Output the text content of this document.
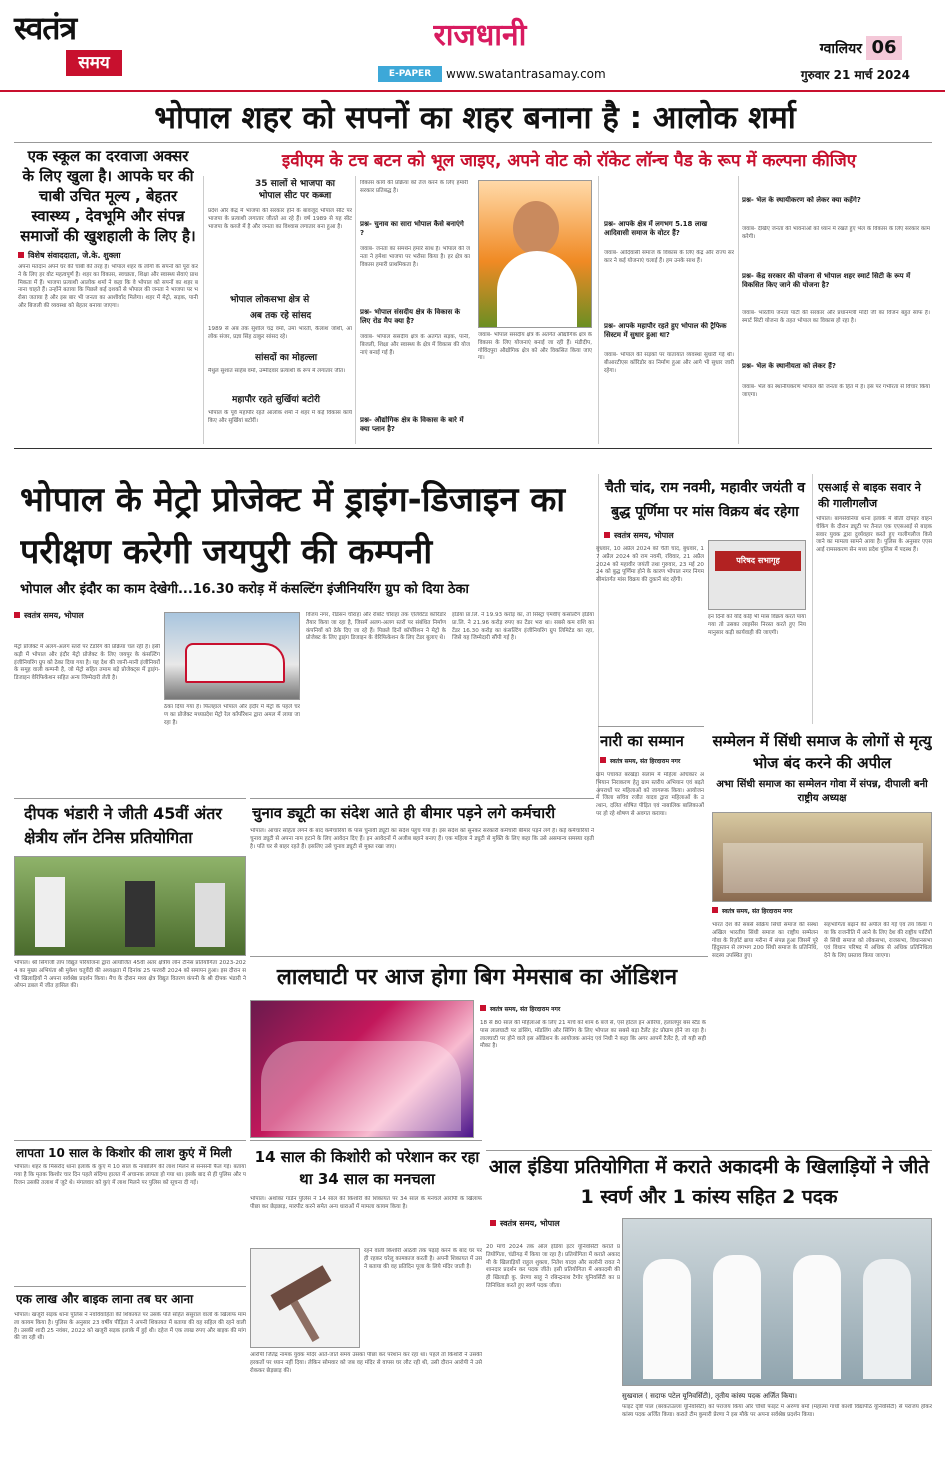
स्वतंत्र
समय
राजधानी
E-PAPER	www.swatantrasamay.com
ग्वालियर 06
गुरुवार 21 मार्च 2024
भोपाल शहर को सपनों का शहर बनाना है : आलोक शर्मा
एक स्कूल का दरवाजा अक्सर के लिए खुला है। आपके घर की चाबी उचित मूल्य , बेहतर स्वास्थ्य , देवभूमि और संपन्न समाजों की खुशहाली के लिए है।
इवीएम के टच बटन को भूल जाइए, अपने वोट को रॉकेट लॉन्च पैड के रूप में कल्पना कीजिए
विशेष संवाददाता, जे.के. शुक्ला
अपना मतदान अपने घर की चाबी की तरह है। भोपाल शहर के लोगों के सपनों को पूरा करने के लिए हर वोट महत्वपूर्ण है। शहर का विकास, स्वच्छता, शिक्षा और स्वास्थ्य सेवाएं प्राथमिकता में हैं। भाजपा प्रत्याशी आलोक शर्मा ने कहा कि वे भोपाल को सपनों का शहर बनाना चाहते हैं। उन्होंने बताया कि पिछले कई दशकों से भोपाल की जनता ने भाजपा पर भरोसा जताया है और इस बार भी जनता का आशीर्वाद मिलेगा। शहर में मेट्रो, सड़क, पानी और बिजली की व्यवस्था को बेहतर बनाया जाएगा।
35 सालों से भाजपा का भोपाल सीट पर कब्जा
प्रदेश और केंद्र में भाजपा की सरकार होने के बावजूद भोपाल सीट पर भाजपा के प्रत्याशी लगातार जीतते आ रहे हैं। वर्ष 1989 से यह सीट भाजपा के कब्जे में है और जनता का विश्वास लगातार बना हुआ है।
भोपाल लोकसभा क्षेत्र से
अब तक रहे सांसद
1989 से अब तक सुशील चंद्र वर्मा, उमा भारती, कैलाश जोशी, आलोक संजर, प्रज्ञा सिंह ठाकुर सांसद रहे।
सांसदों का मोहल्ला
मैथुल सुशांत साहेब वर्मा, उम्मीदवार प्रत्याशी के रूप में लगातार जीत।
महापौर रहते सुर्खियां बटोरी
भोपाल के पूर्व महापौर रहते आलोक शर्मा ने शहर में कई विकास कार्य किए और सुर्खियां बटोरीं।
विकास कार्य की प्रक्रिया को तेज करने के लिए हमारी सरकार प्रतिबद्ध है।
प्रश्न- चुनाव का सारा भोपाल कैसे बनाएंगे ?
जवाब- जनता का समर्थन हमारे साथ है। भोपाल की जनता ने हमेशा भाजपा पर भरोसा किया है। हर क्षेत्र का विकास हमारी प्राथमिकता है।
प्रश्न- भोपाल संसदीय क्षेत्र के विकास के लिए रोड मैप क्या है?
जवाब- भोपाल संसदीय क्षेत्र के अंतर्गत सड़क, पानी, बिजली, शिक्षा और स्वास्थ्य के क्षेत्र में विकास की योजनाएं बनाई गई हैं।
प्रश्न- औद्योगिक क्षेत्र के विकास के बारे में क्या प्लान है?
जवाब- भोपाल संसदीय क्षेत्र के अंतर्गत औद्योगिक क्षेत्र के विकास के लिए योजनाएं बनाई जा रही हैं। मंडीदीप, गोविंदपुरा औद्योगिक क्षेत्र को और विकसित किया जाएगा।
प्रश्न- आपके क्षेत्र में लगभग 5.18 लाख आदिवासी समाज के वोटर हैं?
जवाब- आदिवासी समाज के विकास के लिए केंद्र और राज्य सरकार ने कई योजनाएं चलाई हैं। हम उनके साथ हैं।
प्रश्न- आपके महापौर रहते हुए भोपाल की ट्रैफिक सिस्टम में सुधार हुआ था?
जवाब- भोपाल की सड़कों पर यातायात व्यवस्था सुधारी गई थी। बीआरटीएस कॉरिडोर का निर्माण हुआ और आगे भी सुधार जारी रहेगा।
प्रश्न- भेल के स्थायीकरण को लेकर क्या कहेंगे?
जवाब- देखिए जनता की भावनाओं को ध्यान में रखते हुए भेल के विकास के लिए सरकार काम करेगी।
प्रश्न- केंद्र सरकार की योजना से भोपाल शहर स्मार्ट सिटी के रूप में विकसित किए जाने की योजना है?
जवाब- भारतीय जनता पार्टी की सरकार और प्रधानमंत्री मोदी जी का विजन बहुत साफ है। स्मार्ट सिटी योजना के तहत भोपाल का विकास हो रहा है।
प्रश्न- भेल के स्थानीयता को लेकर हैं?
जवाब- भेल का स्थानीयकरण भोपाल की जनता के हित में है। इस पर गंभीरता से विचार किया जाएगा।
भोपाल के मेट्रो प्रोजेक्ट में ड्राइंग-डिजाइन का परीक्षण करेगी जयपुरी की कम्पनी
भोपाल और इंदौर का काम देखेगी...16.30 करोड़ में कंसल्टिंग इंजीनियरिंग ग्रुप को दिया ठेका
स्वतंत्र समय, भोपाल
मेट्रो प्रोजेक्ट में अलग-अलग स्तरों पर टेंडरिंग की प्रक्रिया चल रही है। इसी कड़ी में भोपाल और इंदौर मेट्रो प्रोजेक्ट के लिए जयपुर के कंसल्टिंग इंजीनियरिंग ग्रुप को ठेका दिया गया है। यह देश की जानी-मानी इंजीनियरों के समूह वाली कम्पनी है, जो मेट्रो सहित तमाम बड़े प्रोजेक्ट्स में ड्राइंग-डिजाइन वेरिफिकेशन सहित अन्य जिम्मेदारी लेती है।
ठेका दिया गया है। फिलहाल भोपाल और इंदौर में मेट्रो के पहले चरण का प्रोजेक्ट मध्यप्रदेश मेट्रो रेल कॉर्पोरेशन द्वारा अमल में लाया जा रहा है।
विजय नगर, रेडिसन चौराहा और रोबोट चौराहा तक एलिवेटेड कॉरिडोर तैयार किया जा रहा है, जिसमें अलग-अलग स्तरों पर संबंधित निर्माण कंपनियों को ठेके दिए जा रहे हैं। पिछले दिनों कॉर्पोरेशन ने मेट्रो के प्रोजेक्ट के लिए ड्राइंग डिजाइन के वेरिफिकेशन के लिए टेंडर बुलाए थे।
इंडिया प्रा.लि. ने 19.93 करोड़ का, तो सिस्ट्रा एमवीए कंसल्टिंग इंडिया प्रा.लि. ने 21.96 करोड़ रुपए का टेंडर भरा था। सबसे कम राशि का टेंडर 16.30 करोड़ का कंसल्टिंग इंजीनियरिंग ग्रुप लिमिटेड का रहा, जिसे यह जिम्मेदारी सौंपी गई है।
चैती चांद, राम नवमी, महावीर जयंती व बुद्ध पूर्णिमा पर मांस विक्रय बंद रहेगा
स्वतंत्र समय, भोपाल
बुधवार, 10 अप्रैल 2024 को चैती चांद, बुधवार, 17 अप्रैल 2024 को राम नवमी, रविवार, 21 अप्रैल 2024 को महावीर जयंती तथा गुरुवार, 23 मई 2024 को बुद्ध पूर्णिमा होने के कारण भोपाल नगर निगम सीमांतर्गत मांस विक्रय की दुकानें बंद रहेंगी।
परिषद सभागृह
इन दिनों को यदि कोई भी मांस विक्रय करते पाया गया तो उसका लाइसेंस निरस्त करते हुए नियमानुसार कड़ी कार्यवाही की जाएगी।
एसआई से बाइक सवार ने की गालीगलौज
भोपाल। बागसेवनिया थाना इलाके में बीती दोपहर वाहन चेकिंग के दौरान ड्यूटी पर तैनात एक एएसआई से बाइक सवार युवक द्वारा दुर्व्यवहार करते हुए गालीगलौज किये जाने का मामला सामने आया है। पुलिस के अनुसार एएसआई रामसकरण सेन मध्य प्रदेश पुलिस में पदस्थ हैं।
नारी का सम्मान
स्वतंत्र समय, संत हिरदाराम नगर
ग्राम पंचायत बरखेड़ा सलाम में महिला अधिकार अभियान निराकरण हेतु ग्राम स्तरीय अभियान एवं बढ़ते अपराधों पर महिलाओं को जागरूक किया। आयोजन में जिला सचिव रजौत यादव द्वारा महिलाओं के उत्थान, दलित शोषित पीड़ित एवं नाबालिक बालिकाओं पर हो रहे शोषण से अवगत कराया।
सम्मेलन में सिंधी समाज के लोगों से मृत्यु भोज बंद करने की अपील
अभा सिंधी समाज का सम्मेलन गोवा में संपन्न, दीपाली बनी राष्ट्रीय अध्यक्ष
स्वतंत्र समय, संत हिरदाराम नगर
भारत देश की सबसे सक्रिय सिंधी समाज की संस्था अखिल भारतीय सिंधी समाज का राष्ट्रीय सम्मेलन गोवा के रिज़ॉर्ट ब्राया मरीना में संपन्न हुआ जिसमें पूरे हिंदुस्तान से लगभग 200 सिंधी समाज के प्रतिनिधि, सदस्य उपस्थित हुए।
सहभागिता बढ़ाने की अपील की गई एवं तय किया गया कि राजनीति में आने के लिए देश की राष्ट्रीय पार्टियों से सिंधी समाज को लोकसभा, राजसभा, विधानसभा एवं विधान परिषद में अधिक से अधिक प्रतिनिधित्व देने के लिए प्रस्ताव किया जाएगा।
दीपक भंडारी ने जीती 45वीं अंतर क्षेत्रीय लॉन टेनिस प्रतियोगिता
भोपाल। श्री सिंगाजी ताप विद्युत परियोजना द्वारा आयोजित 45वीं अंतर क्षेत्रीय लॉन टेनिस प्रतियोगिता 2023-2024 का मुख्य अभियंता श्री मुकेश चतुर्वेदी की अध्यक्षता में दिनांक 25 फरवरी 2024 को समापन हुआ। इस दौरान सभी खिलाड़ियों ने अपना सर्वश्रेष्ठ प्रदर्शन किया। मैच के दौरान मध्य क्षेत्र विद्युत वितरण कंपनी के श्री दीपक भंडारी ने ओपन डबल में जीत हासिल की।
चुनाव ड्यूटी का संदेश आते ही बीमार पड़ने लगे कर्मचारी
भोपाल। आचार संहिता लगने के बाद कर्मचारियों के पास चुनावी ड्यूटी का संदेश पहुंच गया है। इस संदेश को सुनकर सरकारी कर्मचारी बीमार पड़ने लगे हैं। कई कर्मचारियों ने चुनाव ड्यूटी से अपना नाम हटाने के लिए आवेदन दिए हैं। इन आवेदनों में अजीब बहाने बनाए हैं। एक महिला ने ड्यूटी से मुक्ति के लिए कहा कि उसे असमान्य समस्या रहती है। पति घर से बाहर रहते हैं। इसलिए उसे चुनाव ड्यूटी से मुक्त रखा जाए।
लालघाटी पर आज होगा बिग मेमसाब का ऑडिशन
स्वतंत्र समय, संत हिरदाराम नगर
18 से 80 साल की महिलाओं के लिए 21 मार्च को शाम 6 बजे से, एसे होटल इन आरिया, हलालपुर बस स्टैंड के पास लालघाटी पर डांसिंग, मॉडलिंग और सिंगिंग के लिए भोपाल का सबसे बड़ा टैलेंट हंट प्रोग्राम होने जा रहा है। लालघाटी पर होने वाले इस ऑडिशन के आयोजक आनंद एवं निधी ने कहा कि अगर आपमें टैलेंट है, तो यही सही मौका है।
लापता 10 साल के किशोर की लाश कुएं में मिली
भोपाल। शहर के मिसरोद थाना इलाके के कुएं में 10 साल के नाबालिग की लाश मिलने से सनसनी फैल गई। बताया गया है कि मृतक किशोर चार दिन पहले संदिग्ध हालत में अचानक लापता हो गया था। इसके बाद से ही पुलिस और परिजन उसकी तलाश में जुटे थे। मंगलवार को कुएं में लाश मिलने पर पुलिस को सूचना दी गई।
एक लाख और बाइक लाना तब घर आना
भोपाल। खजूरी सड़क थाना पुलिस ने नवविवाहिता की शिकायत पर उसके पति सहित ससुराल वालों के खिलाफ मामला कायम किया है। पुलिस के अनुसार 23 वर्षीय पीड़िता ने अपनी शिकायत में बताया की वह सहिल की रहने वाली है। उसकी शादी 25 नवंबर, 2022 को खजूरी सड़क इलाके में हुई थी। दहेज में एक लाख रुपए और बाइक की मांग की जा रही थी।
14 साल की किशोरी को परेशान कर रहा था 34 साल का मनचला
भोपाल। अशोका गार्डन पुलिस ने 14 साल की किशोरी की शिकायत पर 34 साल के मनचले आरोपी के खिलाफ पीछा कर छेड़छाड़, मारपीट करने समेत अन्य धाराओं में मामला कायम किया है।
रहने वाली किशोरी आठवीं तक पढ़ाई करने के बाद घर पर ही रहकर घरेलू कामकाज करती है। अपनी शिकायत में उसने बताया की वह प्रतिदिन पूजा के लिये मंदिर जाती है।
आरोपी जितेंद्र नामक युवक मंदिर आते-जाते समय उसका पीछा कर परेशान कर रहा था। पहले तो किशोरी ने उसकी हरकतों पर ध्यान नहीं दिया। लेकिन सोमवार को जब वह मंदिर से वापस घर लौट रही थी, उसी दौरान आरोपी ने उसे रोककर छेड़छाड़ की।
आल इंडिया प्रतियोगिता में कराते अकादमी के खिलाड़ियों ने जीते 1 स्वर्ण और 1 कांस्य सहित 2 पदक
स्वतंत्र समय, भोपाल
20 मार्च 2024 तक ऑल इंडिया इंटर यूनिवर्सिटी कराते प्रतियोगिता, चंडीगढ़ में किया जा रहा है। प्रतियोगिता में कराते अकादमी के खिलाड़ियों राहुल शुक्ला, नितेश यादव और सलोनी रावत ने शानदार प्रदर्शन कर पदक जीते। इसी प्रतियोगिता में अकादमी की ही खिलाड़ी कु. प्रेरणा साहू ने रबिन्द्रनाथ टैगोर यूनिवर्सिटी का प्रतिनिधित्व करते हुए स्वर्ण पदक जीता।
सुखवाल ( सदाफ पटेल यूनिवर्सिटी), तृतीय कांस्य पदक अर्जित किया।
फाइट दृष्टि पाल (बरकतउल्ला यूनिवर्सिटी) को पराजय किया और चौथी फाइट में अरुणा बर्मा (महात्मा गांधी काशी विद्यापीठ यूनिवर्सिटी) से पराजय होकर कांस्य पदक अर्जित किया। कराते टीम कुमारी प्रेरणा ने इस मौके पर अपना सर्वश्रेष्ठ प्रदर्शन किया।
